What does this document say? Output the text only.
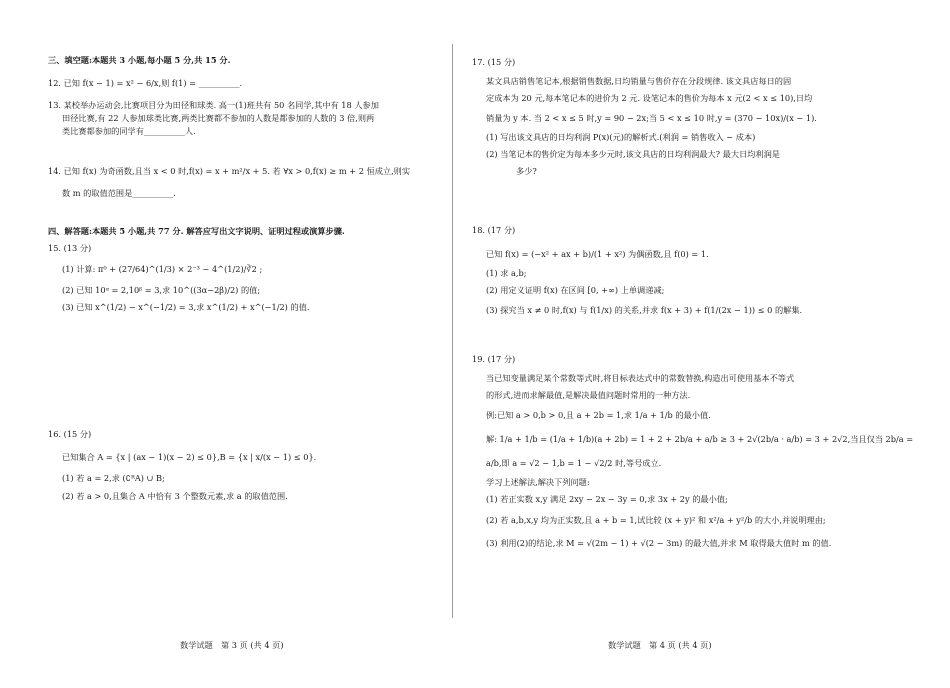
三、填空题:本题共 3 小题,每小题 5 分,共 15 分.
12. 已知 f(x − 1) = x² − 6/x,则 f(1) = __________.
13. 某校举办运动会,比赛项目分为田径和球类. 高一(1)班共有 50 名同学,其中有 18 人参加
田径比赛,有 22 人参加球类比赛,两类比赛都不参加的人数是都参加的人数的 3 倍,则两
类比赛都参加的同学有__________人.
14. 已知 f(x) 为奇函数,且当 x < 0 时,f(x) = x + m²/x + 5. 若 ∀x > 0,f(x) ≥ m + 2 恒成立,则实
数 m 的取值范围是__________.
四、解答题:本题共 5 小题,共 77 分. 解答应写出文字说明、证明过程或演算步骤.
15. (13 分)
(1) 计算: π⁰ + (27/64)^(1/3) × 2⁻³ − 4^(1/2)/∛2 ;
(2) 已知 10ᵅ = 2,10ᵝ = 3,求 10^((3α−2β)/2) 的值;
(3) 已知 x^(1/2) − x^(−1/2) = 3,求 x^(1/2) + x^(−1/2) 的值.
16. (15 分)
已知集合 A = {x | (ax − 1)(x − 2) ≤ 0},B = {x | x/(x − 1) ≤ 0}.
(1) 若 a = 2,求 (∁ᴿA) ∪ B;
(2) 若 a > 0,且集合 A 中恰有 3 个整数元素,求 a 的取值范围.
数学试题　第 3 页 (共 4 页)
17. (15 分)
某文具店销售笔记本,根据销售数据,日均销量与售价存在分段规律. 该文具店每日的固
定成本为 20 元,每本笔记本的进价为 2 元. 设笔记本的售价为每本 x 元(2 < x ≤ 10),日均
销量为 y 本. 当 2 < x ≤ 5 时,y = 90 − 2x;当 5 < x ≤ 10 时,y = (370 − 10x)/(x − 1).
(1) 写出该文具店的日均利润 P(x)(元)的解析式.(利润 = 销售收入 − 成本)
(2) 当笔记本的售价定为每本多少元时,该文具店的日均利润最大? 最大日均利润是
多少?
18. (17 分)
已知 f(x) = (−x² + ax + b)/(1 + x²) 为偶函数,且 f(0) = 1.
(1) 求 a,b;
(2) 用定义证明 f(x) 在区间 [0, +∞) 上单调递减;
(3) 探究当 x ≠ 0 时,f(x) 与 f(1/x) 的关系,并求 f(x + 3) + f(1/(2x − 1)) ≤ 0 的解集.
19. (17 分)
当已知变量满足某个常数等式时,将目标表达式中的常数替换,构造出可使用基本不等式
的形式,进而求解最值,是解决最值问题时常用的一种方法.
例:已知 a > 0,b > 0,且 a + 2b = 1,求 1/a + 1/b 的最小值.
解: 1/a + 1/b = (1/a + 1/b)(a + 2b) = 1 + 2 + 2b/a + a/b ≥ 3 + 2√(2b/a · a/b) = 3 + 2√2,当且仅当 2b/a =
a/b,即 a = √2 − 1,b = 1 − √2/2 时,等号成立.
学习上述解法,解决下列问题:
(1) 若正实数 x,y 满足 2xy − 2x − 3y = 0,求 3x + 2y 的最小值;
(2) 若 a,b,x,y 均为正实数,且 a + b = 1,试比较 (x + y)² 和 x²/a + y²/b 的大小,并说明理由;
(3) 利用(2)的结论,求 M = √(2m − 1) + √(2 − 3m) 的最大值,并求 M 取得最大值时 m 的值.
数学试题　第 4 页 (共 4 页)
